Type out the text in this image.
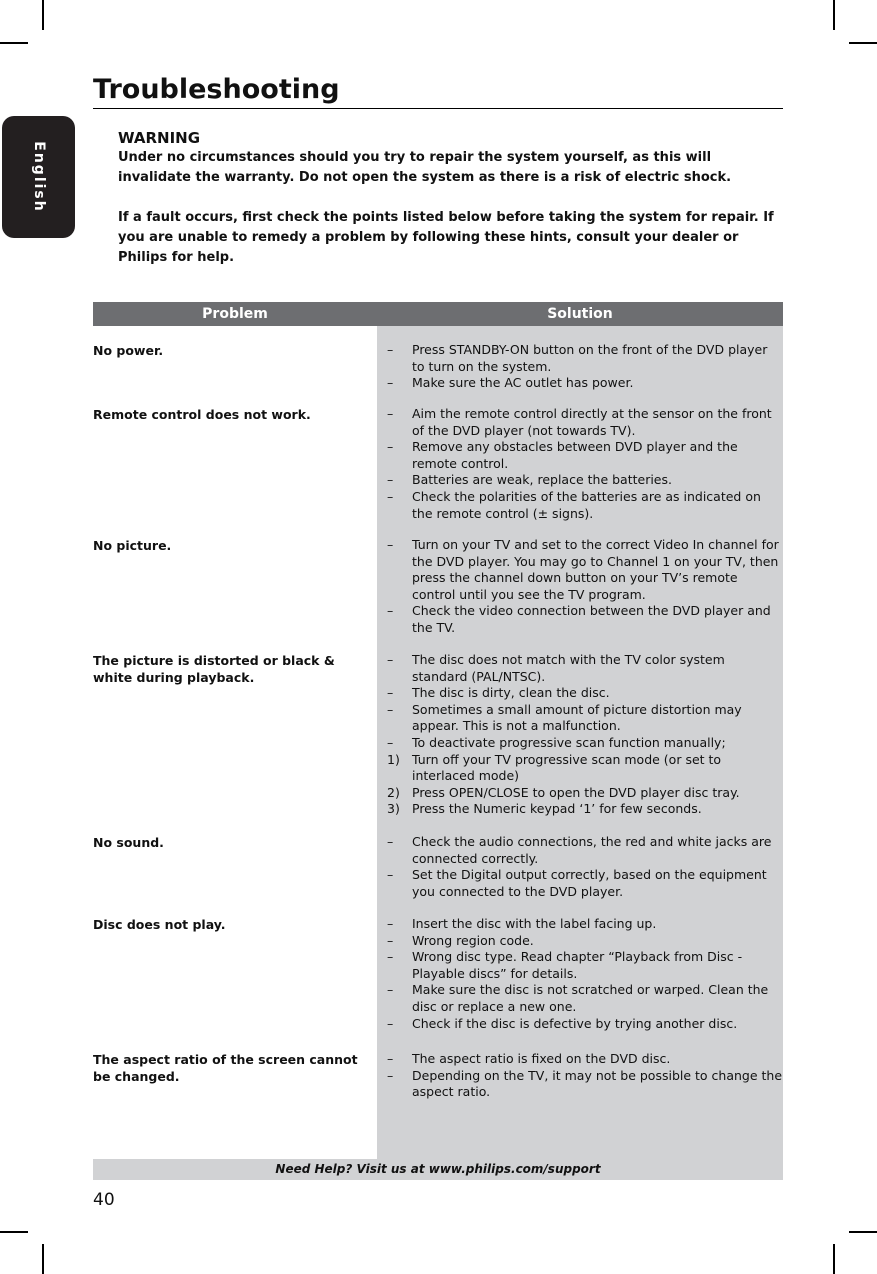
Troubleshooting
English
WARNING
Under no circumstances should you try to repair the system yourself, as this will invalidate the warranty. Do not open the system as there is a risk of electric shock.
If a fault occurs, first check the points listed below before taking the system for repair. If you are unable to remedy a problem by following these hints, consult your dealer or Philips for help.
Problem	Solution
No power.	– Press STANDBY-ON button on the front of the DVD player to turn on the system.
– Make sure the AC outlet has power.
Remote control does not work.	– Aim the remote control directly at the sensor on the front of the DVD player (not towards TV).
– Remove any obstacles between DVD player and the remote control.
– Batteries are weak, replace the batteries.
– Check the polarities of the batteries are as indicated on the remote control (± signs).
No picture.	– Turn on your TV and set to the correct Video In channel for the DVD player. You may go to Channel 1 on your TV, then press the channel down button on your TV’s remote control until you see the TV program.
– Check the video connection between the DVD player and the TV.
The picture is distorted or black & white during playback.
– The disc does not match with the TV color system standard (PAL/NTSC).
– The disc is dirty, clean the disc.
– Sometimes a small amount of picture distortion may appear. This is not a malfunction.
– To deactivate progressive scan function manually;
1) Turn off your TV progressive scan mode (or set to interlaced mode)
2) Press OPEN/CLOSE to open the DVD player disc tray.
3) Press the Numeric keypad ‘1’ for few seconds.
No sound.	– Check the audio connections, the red and white jacks are connected correctly.
– Set the Digital output correctly, based on the equipment you connected to the DVD player.
Disc does not play.	– Insert the disc with the label facing up.
– Wrong region code.
– Wrong disc type. Read chapter “Playback from Disc - Playable discs” for details.
– Make sure the disc is not scratched or warped. Clean the disc or replace a new one.
– Check if the disc is defective by trying another disc.
The aspect ratio of the screen cannot be changed.
– The aspect ratio is fixed on the DVD disc.
– Depending on the TV, it may not be possible to change the aspect ratio.
Need Help? Visit us at www.philips.com/support
40
